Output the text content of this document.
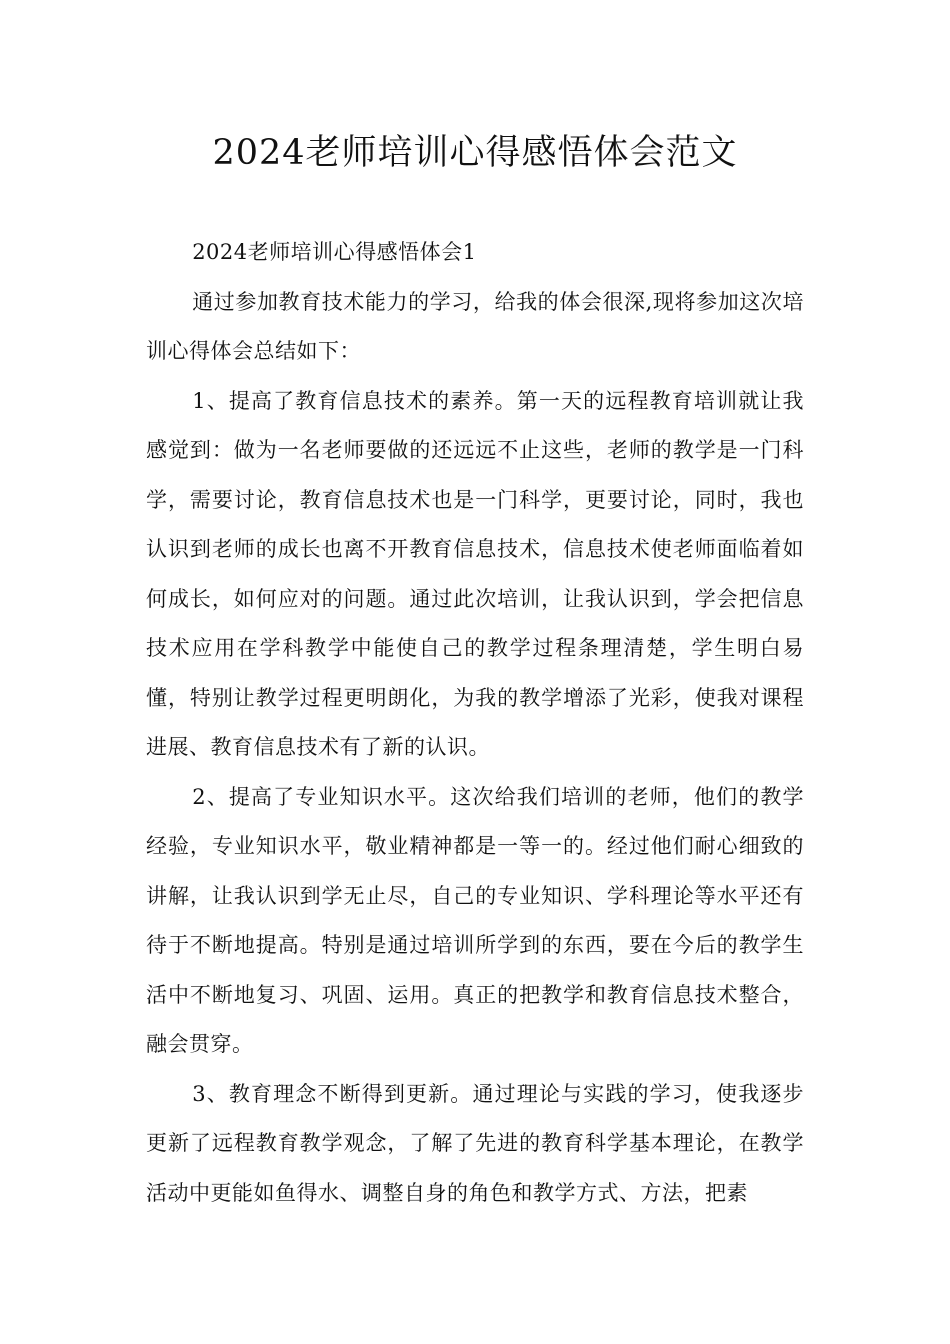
2024老师培训心得感悟体会范文

2024老师培训心得感悟体会1

通过参加教育技术能力的学习，给我的体会很深,现将参加这次培训心得体会总结如下：

1、提高了教育信息技术的素养。第一天的远程教育培训就让我感觉到：做为一名老师要做的还远远不止这些，老师的教学是一门科学，需要讨论，教育信息技术也是一门科学，更要讨论，同时，我也认识到老师的成长也离不开教育信息技术，信息技术使老师面临着如何成长，如何应对的问题。通过此次培训，让我认识到，学会把信息技术应用在学科教学中能使自己的教学过程条理清楚，学生明白易懂，特别让教学过程更明朗化，为我的教学增添了光彩，使我对课程进展、教育信息技术有了新的认识。

2、提高了专业知识水平。这次给我们培训的老师，他们的教学经验，专业知识水平，敬业精神都是一等一的。经过他们耐心细致的讲解，让我认识到学无止尽，自己的专业知识、学科理论等水平还有待于不断地提高。特别是通过培训所学到的东西，要在今后的教学生活中不断地复习、巩固、运用。真正的把教学和教育信息技术整合，融会贯穿。

3、教育理念不断得到更新。通过理论与实践的学习，使我逐步更新了远程教育教学观念，了解了先进的教育科学基本理论，在教学活动中更能如鱼得水、调整自身的角色和教学方式、方法，把素
